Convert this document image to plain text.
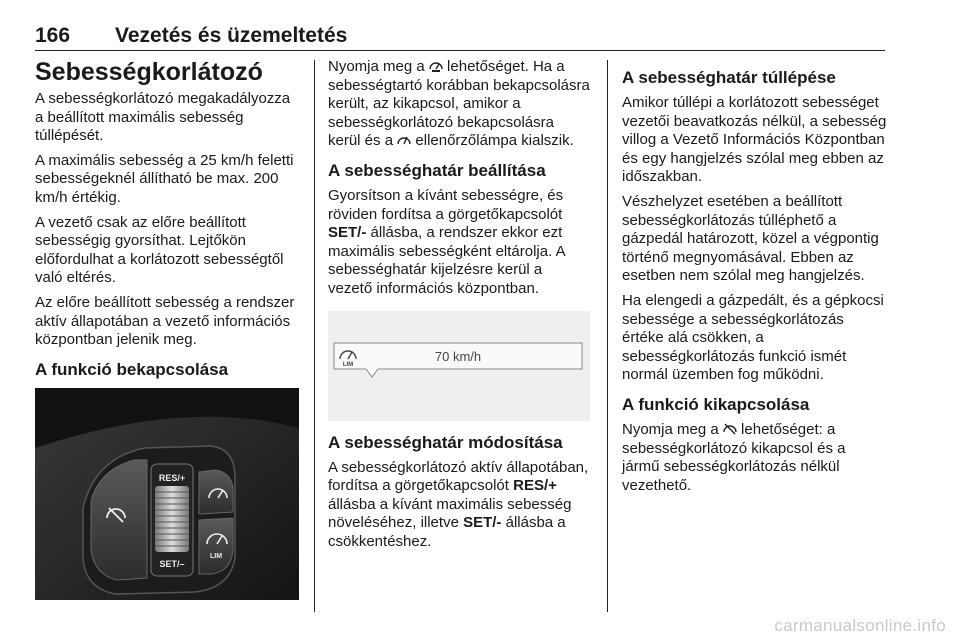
166 Vezetés és üzemeltetés
Sebességkorlátozó

A sebességkorlátozó megakadályozza a beállított maximális sebesség túllépését.

A maximális sebesség a 25 km/h feletti sebességeknél állítható be max. 200 km/h értékig.

A vezető csak az előre beállított sebességig gyorsíthat. Lejtőkön előfordulhat a korlátozott sebességtől való eltérés.

Az előre beállított sebesség a rendszer aktív állapotában a vezető információs központban jelenik meg.

A funkció bekapcsolása
RES/+
SET/–
LIM

Nyomja meg a lehetőséget. Ha a sebességtartó korábban bekapcsolásra került, az kikapcsol, amikor a sebességkorlátozó bekapcsolásra kerül és a ellenőrzőlámpa kialszik.

A sebességhatár beállítása

Gyorsítson a kívánt sebességre, és röviden fordítsa a görgetőkapcsolót SET/- állásba, a rendszer ekkor ezt maximális sebességként eltárolja. A sebességhatár kijelzésre kerül a vezető információs központban.

LIM
70 km/h
A sebességhatár módosítása

A sebességkorlátozó aktív állapotában, fordítsa a görgetőkapcsolót RES/+ állásba a kívánt maximális sebesség növeléséhez, illetve SET/- állásba a csökkentéshez.

A sebességhatár túllépése

Amikor túllépi a korlátozott sebességet vezetői beavatkozás nélkül, a sebesség villog a Vezető Információs Központban és egy hangjelzés szólal meg ebben az időszakban.

Vészhelyzet esetében a beállított sebességkorlátozás túlléphető a gázpedál határozott, közel a végpontig történő megnyomásával. Ebben az esetben nem szólal meg hangjelzés.

Ha elengedi a gázpedált, és a gépkocsi sebessége a sebességkorlátozás értéke alá csökken, a sebességkorlátozás funkció ismét normál üzemben fog működni.

A funkció kikapcsolása

Nyomja meg a lehetőséget: a sebességkorlátozó kikapcsol és a jármű sebességkorlátozás nélkül vezethető.

carmanualsonline.info
